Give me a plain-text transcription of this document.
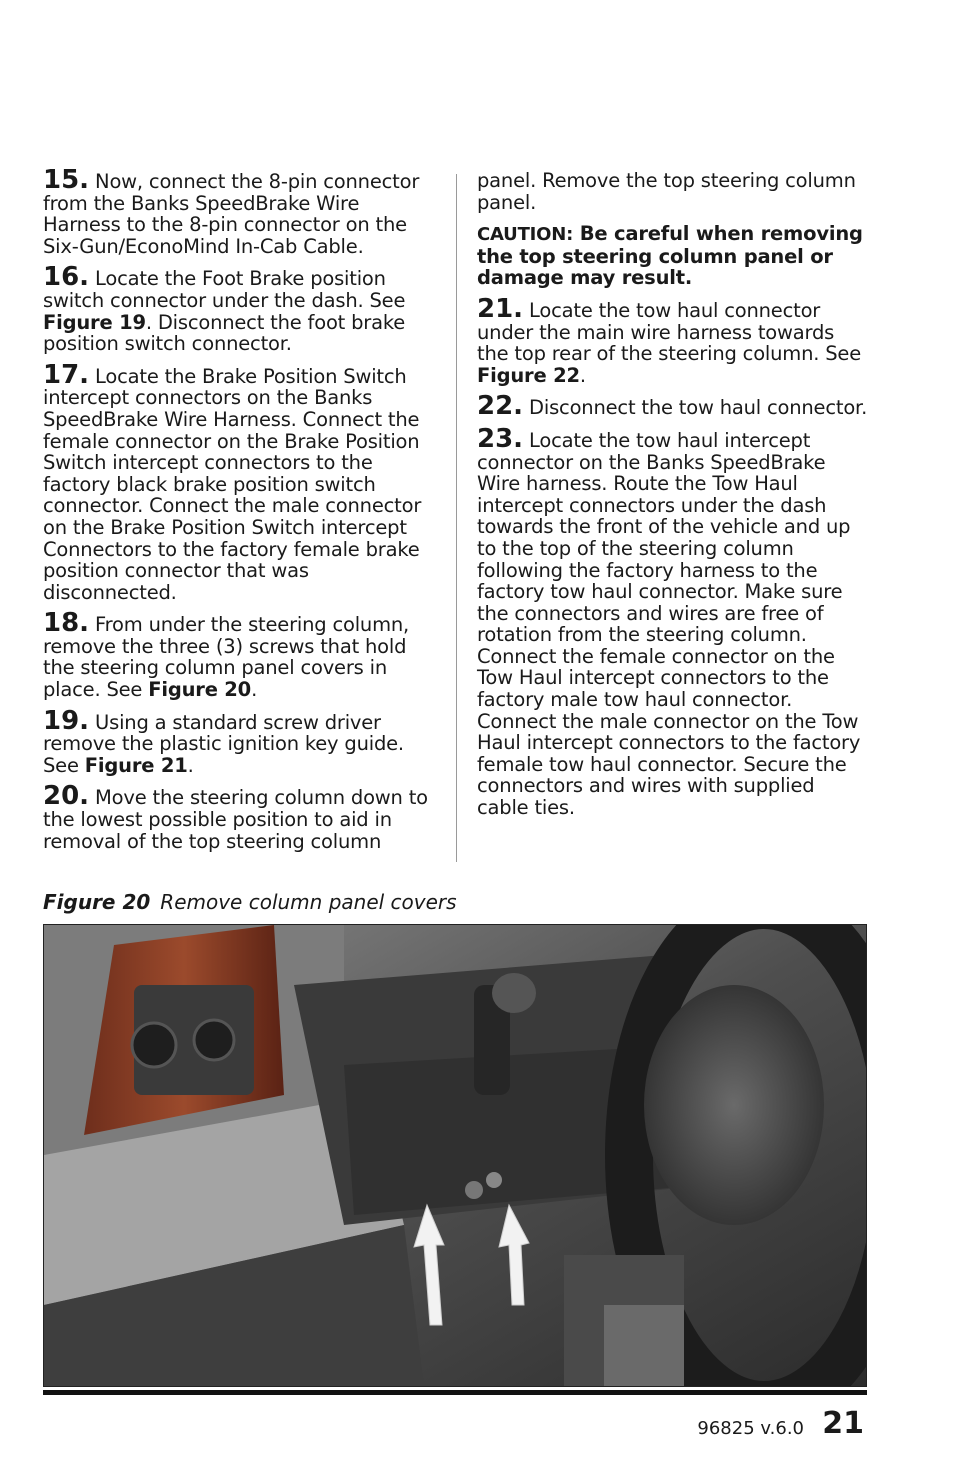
15. Now, connect the 8-pin connector from the Banks SpeedBrake Wire Harness to the 8-pin connector on the Six-Gun/EconoMind In-Cab Cable.

16. Locate the Foot Brake position switch connector under the dash. See Figure 19. Disconnect the foot brake position switch connector.

17. Locate the Brake Position Switch intercept connectors on the Banks SpeedBrake Wire Harness. Connect the female connector on the Brake Position Switch intercept connectors to the factory black brake position switch connector. Connect the male connector on the Brake Position Switch intercept Connectors to the factory female brake position connector that was disconnected.

18. From under the steering column, remove the three (3) screws that hold the steering column panel covers in place. See Figure 20.

19. Using a standard screw driver remove the plastic ignition key guide. See Figure 21.

20. Move the steering column down to the lowest possible position to aid in removal of the top steering column

panel. Remove the top steering column panel.

CAUTION: Be careful when removing the top steering column panel or damage may result.

21. Locate the tow haul connector under the main wire harness towards the top rear of the steering column. See Figure 22.

22. Disconnect the tow haul connector.

23. Locate the tow haul intercept connector on the Banks SpeedBrake Wire harness. Route the Tow Haul intercept connectors under the dash towards the front of the vehicle and up to the top of the steering column following the factory harness to the factory tow haul connector. Make sure the connectors and wires are free of rotation from the steering column. Connect the female connector on the Tow Haul intercept connectors to the factory male tow haul connector. Connect the male connector on the Tow Haul intercept connectors to the factory female tow haul connector. Secure the connectors and wires with supplied cable ties.

Figure 20 Remove column panel covers
96825 v.6.0 21
